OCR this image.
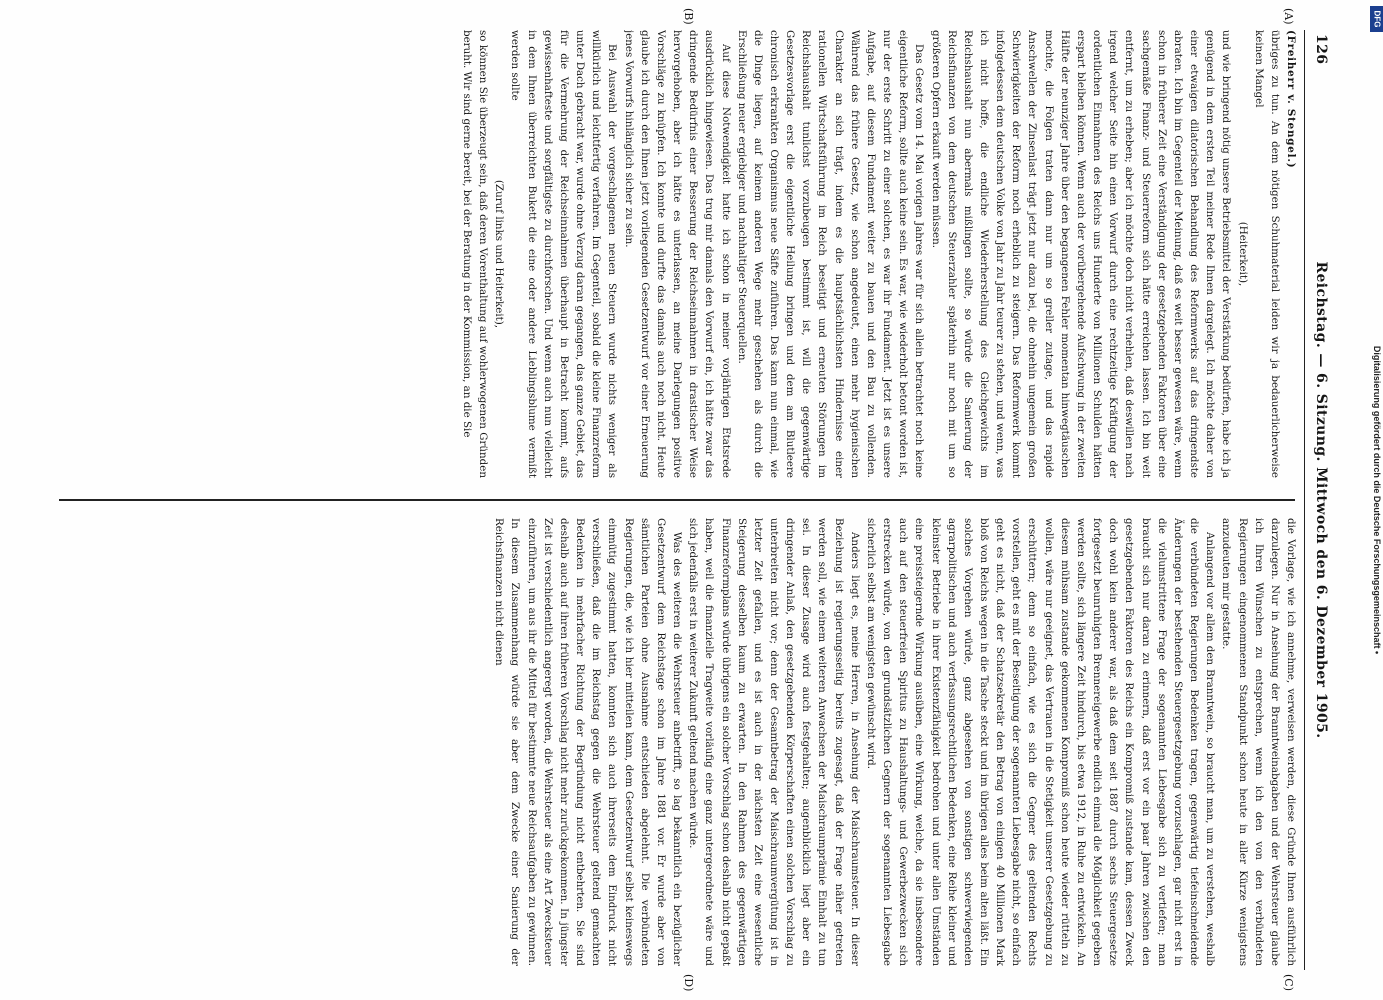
126
Reichstag. — 6. Sitzung. Mittwoch den 6. Dezember 1905.
(A)
(B)
(C)
(D)

(Freiherr v. Stengel.)

übriges zu tun. An dem nötigen Schuhmaterial leiden wir ja bedauerlicherweise keinen Mangel

(Heiterkeit),

und wie bringend nötig unsere Betriebsmittel der Verstärkung bedürfen, habe ich ja genügend in dem ersten Teil meiner Rede Ihnen dargelegt. Ich möchte daher von einer etwaigen dilatorischen Behandlung des Reformwerks auf das dringendste abraten. Ich bin im Gegenteil der Meinung, daß es weit besser gewesen wäre, wenn schon in früherer Zeit eine Verständigung der gesetzgebenden Faktoren über eine sachgemäße Finanz- und Steuerreform sich hätte erreichen lassen. Ich bin weit entfernt, um zu erheben; aber ich möchte doch nicht verhehlen, daß deswillen nach irgend welcher Seite hin einen Vorwurf durch eine rechtzeitige Kräftigung der ordentlichen Einnahmen des Reichs uns Hunderte von Millionen Schulden hätten erspart bleiben können. Wenn auch der vorübergehende Aufschwung in der zweiten Hälfte der neunziger Jahre über den begangenen Fehler momentan hinwegtäuschen mochte, die Folgen traten dann nur um so greller zutage, und das rapide Anschwellen der Zinsenlast trägt jetzt nur dazu bei, die ohnehin ungemein großen Schwierigkeiten der Reform noch erheblich zu steigern. Das Reformwerk kommt infolgedessen dem deutschen Volke von Jahr zu Jahr teurer zu stehen, und wenn, was ich nicht hoffe, die endliche Wiederherstellung des Gleichgewichts im Reichshaushalt nun abermals mißlingen sollte, so würde die Sanierung der Reichsfinanzen von dem deutschen Steuerzahler späterhin nur noch mit um so größeren Opfern erkauft werden müssen.

Das Gesetz vom 14. Mai vorigen Jahres war für sich allein betrachtet noch keine eigentliche Reform, sollte auch keine sein. Es war, wie wiederholt betont worden ist, nur der erste Schritt zu einer solchen, es war ihr Fundament. Jetzt ist es unsere Aufgabe, auf diesem Fundament weiter zu bauen und den Bau zu vollenden. Während das frühere Gesetz, wie schon angedeutet, einen mehr hygienischen Charakter an sich trägt, indem es die hauptsächlichsten Hindernisse einer rationellen Wirtschaftsführung im Reich beseitigt und erneuten Störungen im Reichshaushalt tunlichst vorzubeugen bestimmt ist, will die gegenwärtige Gesetzesvorlage erst die eigentliche Heilung bringen und dem am Blutleere chronisch erkrankten Organismus neue Säfte zuführen. Das kann nun einmal, wie die Dinge liegen, auf keinem anderen Wege mehr geschehen als durch die Erschließung neuer ergiebiger und nachhaltiger Steuerquellen.

Auf diese Notwendigkeit hatte ich schon in meiner vorjährigen Etatsrede ausdrücklich hingewiesen. Das trug mir damals den Vorwurf ein, ich hätte zwar das dringende Bedürfnis einer Besserung der Reichseinnahmen in drastischer Weise hervorgehoben, aber ich hätte es unterlassen, an meine Darlegungen positive Vorschläge zu knüpfen. Ich konnte und durfte das damals auch noch nicht. Heute glaube ich durch den Ihnen jetzt vorliegenden Gesetzentwurf vor einer Erneuerung jenes Vorwurfs hinlänglich sicher zu sein.

Bei Auswahl der vorgeschlagenen neuen Steuern wurde nichts weniger als willkürlich und leichtfertig verfahren. Im Gegenteil, sobald die kleine Finanzreform unter Dach gebracht war, wurde ohne Verzug daran gegangen, das ganze Gebiet, das für die Vermehrung der Reichseinnahmen überhaupt in Betracht kommt, aufs gewissenhafteste und sorgfältigste zu durchforschen. Und wenn auch nun vielleicht in dem Ihnen überreichten Bukett die eine oder andere Lieblingsblume vermißt werden sollte

(Zuruf links und Heiterkeit),

so können Sie überzeugt sein, daß deren Vorenthaltung auf wohlerwogenen Gründen beruht. Wir sind gerne bereit, bei der Beratung in der Kommission, an die Sie

die Vorlage, wie ich annehme, verweisen werden, diese Gründe Ihnen ausführlich darzulegen. Nur in Ansehung der Branntweinabgaben und der Wehrsteuer glaube ich Ihren Wünschen zu entsprechen, wenn ich den von den verbündeten Regierungen eingenommenen Standpunkt schon heute in aller Kürze wenigstens anzudeuten mir gestatte.

Anlangend vor allem den Branntwein, so braucht man, um zu verstehen, weshalb die verbündeten Regierungen Bedenken tragen, gegenwärtig tiefeinschneidende Änderungen der bestehenden Steuergesetzgebung vorzuschlagen, gar nicht erst in die vielumstrittene Frage der sogenannten Liebesgabe sich zu vertiefen; man braucht sich nur daran zu erinnern, daß erst vor ein paar Jahren zwischen den gesetzgebenden Faktoren des Reichs ein Kompromiß zustande kam, dessen Zweck doch wohl kein anderer war, als daß dem seit 1887 durch sechs Steuergesetze fortgesetzt beunruhigten Brennereigewerbe endlich einmal die Möglichkeit gegeben werden sollte, sich längere Zeit hindurch, bis etwa 1912, in Ruhe zu entwickeln. An diesem mühsam zustande gekommenen Kompromiß schon heute wieder rütteln zu wollen, wäre nur geeignet, das Vertrauen in die Stetigkeit unserer Gesetzgebung zu erschüttern; denn so einfach, wie es sich die Gegner des geltenden Rechts vorstellen, geht es mit der Beseitigung der sogenannten Liebesgabe nicht, so einfach geht es nicht, daß der Schatzsekretär den Betrag von einigen 40 Millionen Mark bloß von Reichs wegen in die Tasche steckt und im übrigen alles beim alten läßt. Ein solches Vorgehen würde, ganz abgesehen von sonstigen schwerwiegenden agrarpolitischen und auch verfassungsrechtlichen Bedenken, eine Reihe kleiner und kleinster Betriebe in ihrer Existenzfähigkeit bedrohen und unter allen Umständen eine preissteigernde Wirkung ausüben, eine Wirkung, welche, da sie insbesondere auch auf den steuerfreien Spiritus zu Haushaltungs- und Gewerbezwecken sich erstrecken würde, von den grundsätzlichen Gegnern der sogenannten Liebesgabe sicherlich selbst am wenigsten gewünscht wird.

Anders liegt es, meine Herren, in Ansehung der Maischraumsteuer. In dieser Beziehung ist regierungsseitig bereits zugesagt, daß der Frage näher getreten werden soll, wie einem weiteren Anwachsen der Maischraumprämie Einhalt zu tun sei. In dieser Zusage wird auch festgehalten; augenblicklich liegt aber ein dringender Anlaß, den gesetzgebenden Körperschaften einen solchen Vorschlag zu unterbreiten nicht vor; denn der Gesamtbetrag der Maischraumvergütung ist in letzter Zeit gefallen, und es ist auch in der nächsten Zeit eine wesentliche Steigerung desselben kaum zu erwarten. In den Rahmen des gegenwärtigen Finanzreformplans würde übrigens ein solcher Vorschlag schon deshalb nicht gepaßt haben, weil die finanzielle Tragweite vorläufig eine ganz untergeordnete wäre und sich jedenfalls erst in weiterer Zukunft geltend machen würde.

Was des weiteren die Wehrsteuer anbetrifft, so lag bekanntlich ein bezüglicher Gesetzentwurf dem Reichstage schon im Jahre 1881 vor. Er wurde aber von sämtlichen Parteien ohne Ausnahme entschieden abgelehnt. Die verbündeten Regierungen, die, wie ich hier mitteilen kann, dem Gesetzentwurf selbst keineswegs einmütig zugestimmt hatten, konnten sich auch ihrerseits dem Eindruck nicht verschließen, daß die im Reichstag gegen die Wehrsteuer geltend gemachten Bedenken in mehrfacher Richtung der Begründung nicht entbehrten. Sie sind deshalb auch auf ihren früheren Vorschlag nicht mehr zurückgekommen. In jüngster Zeit ist verschiedentlich angeregt worden, die Wehrsteuer als eine Art Zwecksteuer einzuführen, um aus ihr die Mittel für bestimmte neue Reichsaufgaben zu gewinnen. In diesem Zusammenhang würde sie aber dem Zwecke einer Sanierung der Reichsfinanzen nicht dienen

DFG
Digitalisierung gefördert durch die Deutsche Forschungsgemeinschaft •
